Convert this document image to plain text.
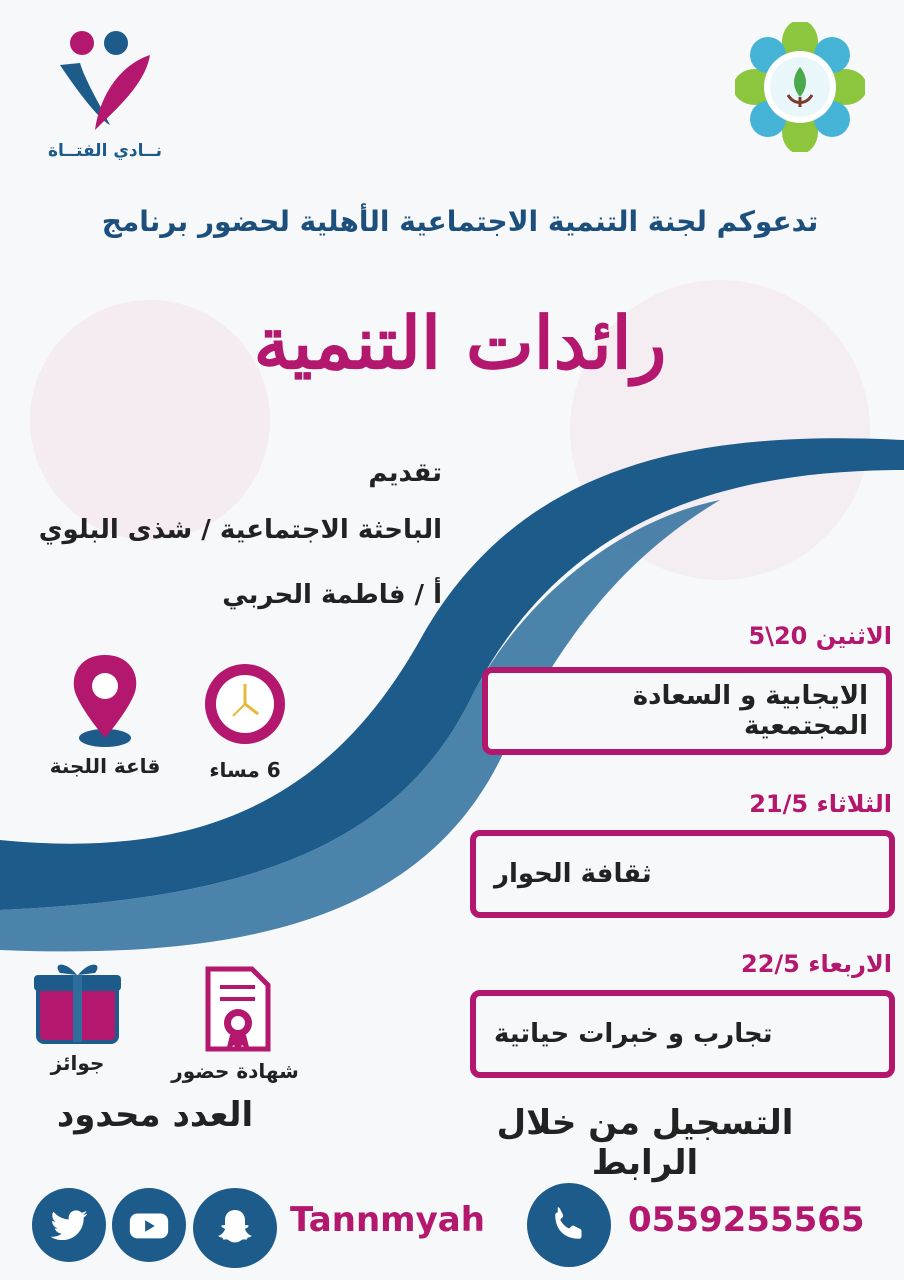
نــادي الفتــاة
تدعوكم لجنة التنمية الاجتماعية الأهلية لحضور برنامج
رائدات التنمية
تقديم
الباحثة الاجتماعية / شذى البلوي
أ / فاطمة الحربي
قاعة اللجنة	6 مساء
الاثنين 20\5
الايجابية و السعادة المجتمعية
الثلاثاء 21/5
ثقافة الحوار
الاربعاء 22/5
تجارب و خبرات حياتية
جوائز	شهادة حضور
العدد محدود	التسجيل من خلال الرابط
Tannmyah	0559255565
